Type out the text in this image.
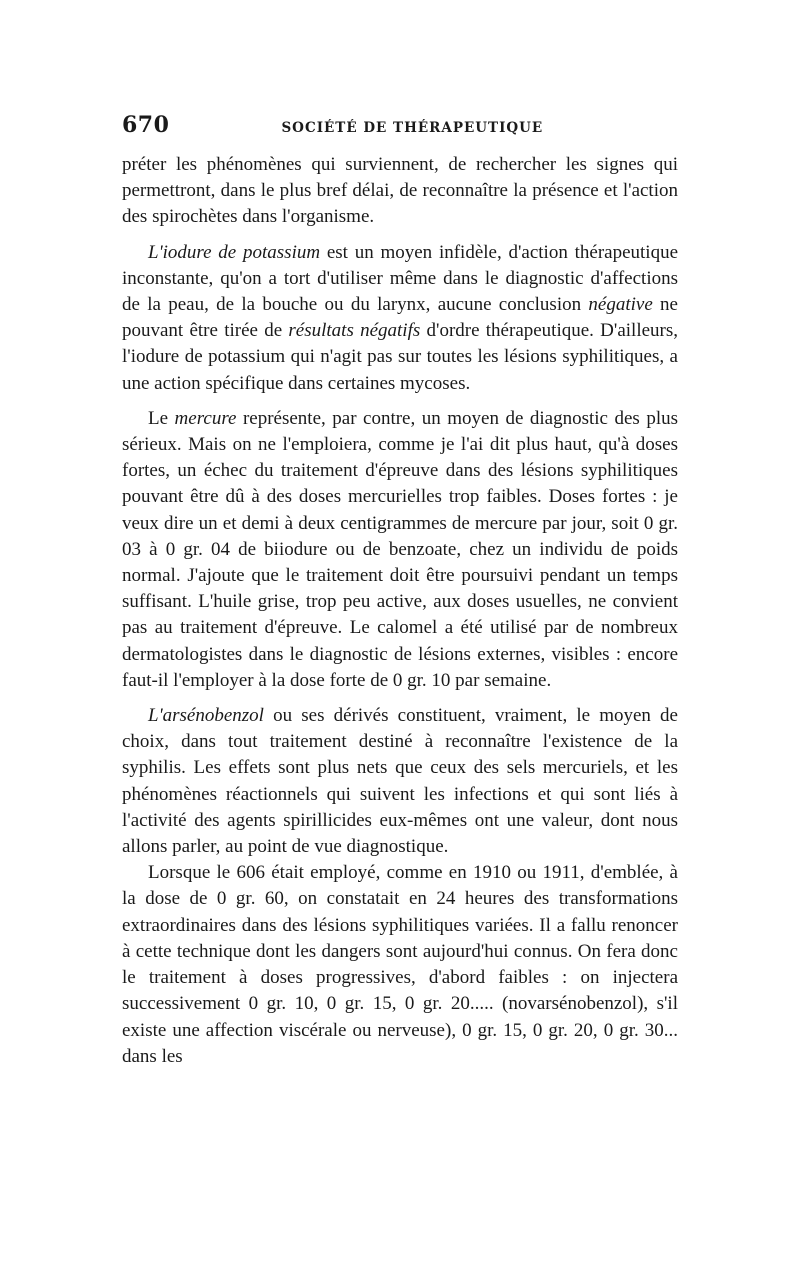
670	SOCIÉTÉ DE THÉRAPEUTIQUE

préter les phénomènes qui surviennent, de rechercher les signes qui permettront, dans le plus bref délai, de reconnaître la présence et l'action des spirochètes dans l'organisme.

L'iodure de potassium est un moyen infidèle, d'action thérapeutique inconstante, qu'on a tort d'utiliser même dans le diagnostic d'affections de la peau, de la bouche ou du larynx, aucune conclusion négative ne pouvant être tirée de résultats négatifs d'ordre thérapeutique. D'ailleurs, l'iodure de potassium qui n'agit pas sur toutes les lésions syphilitiques, a une action spécifique dans certaines mycoses.

Le mercure représente, par contre, un moyen de diagnostic des plus sérieux. Mais on ne l'emploiera, comme je l'ai dit plus haut, qu'à doses fortes, un échec du traitement d'épreuve dans des lésions syphilitiques pouvant être dû à des doses mercurielles trop faibles. Doses fortes : je veux dire un et demi à deux centigrammes de mercure par jour, soit 0 gr. 03 à 0 gr. 04 de biiodure ou de benzoate, chez un individu de poids normal. J'ajoute que le traitement doit être poursuivi pendant un temps suffisant. L'huile grise, trop peu active, aux doses usuelles, ne convient pas au traitement d'épreuve. Le calomel a été utilisé par de nombreux dermatologistes dans le diagnostic de lésions externes, visibles : encore faut-il l'employer à la dose forte de 0 gr. 10 par semaine.

L'arsénobenzol ou ses dérivés constituent, vraiment, le moyen de choix, dans tout traitement destiné à reconnaître l'existence de la syphilis. Les effets sont plus nets que ceux des sels mercuriels, et les phénomènes réactionnels qui suivent les infections et qui sont liés à l'activité des agents spirillicides eux-mêmes ont une valeur, dont nous allons parler, au point de vue diagnostique.

Lorsque le 606 était employé, comme en 1910 ou 1911, d'emblée, à la dose de 0 gr. 60, on constatait en 24 heures des transformations extraordinaires dans des lésions syphilitiques variées. Il a fallu renoncer à cette technique dont les dangers sont aujourd'hui connus. On fera donc le traitement à doses progressives, d'abord faibles : on injectera successivement 0 gr. 10, 0 gr. 15, 0 gr. 20..... (novarsénobenzol), s'il existe une affection viscérale ou nerveuse), 0 gr. 15, 0 gr. 20, 0 gr. 30... dans les
